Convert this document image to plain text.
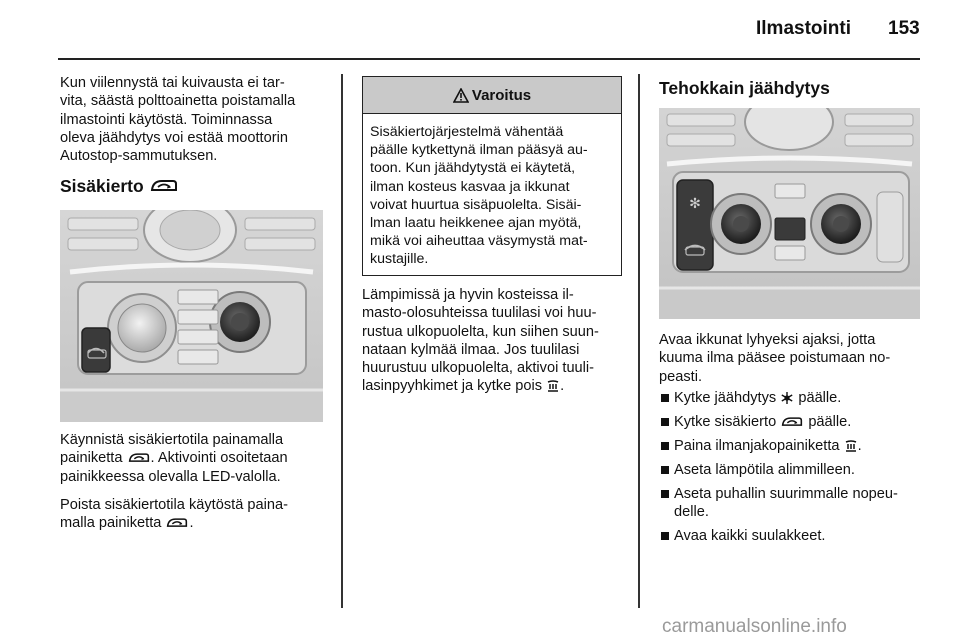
Ilmastointi 153
Kun viilennystä tai kuivausta ei tar-
vita, säästä polttoainetta poistamalla
ilmastointi käytöstä. Toiminnassa
oleva jäähdytys voi estää moottorin
Autostop-sammutuksen.
Sisäkierto
Käynnistä sisäkiertotila painamalla
painiketta . Aktivointi osoitetaan
painikkeessa olevalla LED-valolla.
Poista sisäkiertotila käytöstä paina-
malla painiketta .
Varoitus
Sisäkiertojärjestelmä vähentää
päälle kytkettynä ilman pääsyä au-
toon. Kun jäähdytystä ei käytetä,
ilman kosteus kasvaa ja ikkunat
voivat huurtua sisäpuolelta. Sisäi-
lman laatu heikkenee ajan myötä,
mikä voi aiheuttaa väsymystä mat-
kustajille.
Lämpimissä ja hyvin kosteissa il-
masto-olosuhteissa tuulilasi voi huu-
rustua ulkopuolelta, kun siihen suun-
nataan kylmää ilmaa. Jos tuulilasi
huurustuu ulkopuolelta, aktivoi tuuli-
lasinpyyhkimet ja kytke pois .
Tehokkain jäähdytys
✻
Avaa ikkunat lyhyeksi ajaksi, jotta
kuuma ilma pääsee poistumaan no-
peasti.
Kytke jäähdytys  päälle.
Kytke sisäkierto  päälle.
Paina ilmanjakopainiketta .
Aseta lämpötila alimmilleen.
Aseta puhallin suurimmalle nopeu-
delle.
Avaa kaikki suulakkeet.
carmanualsonline.info
